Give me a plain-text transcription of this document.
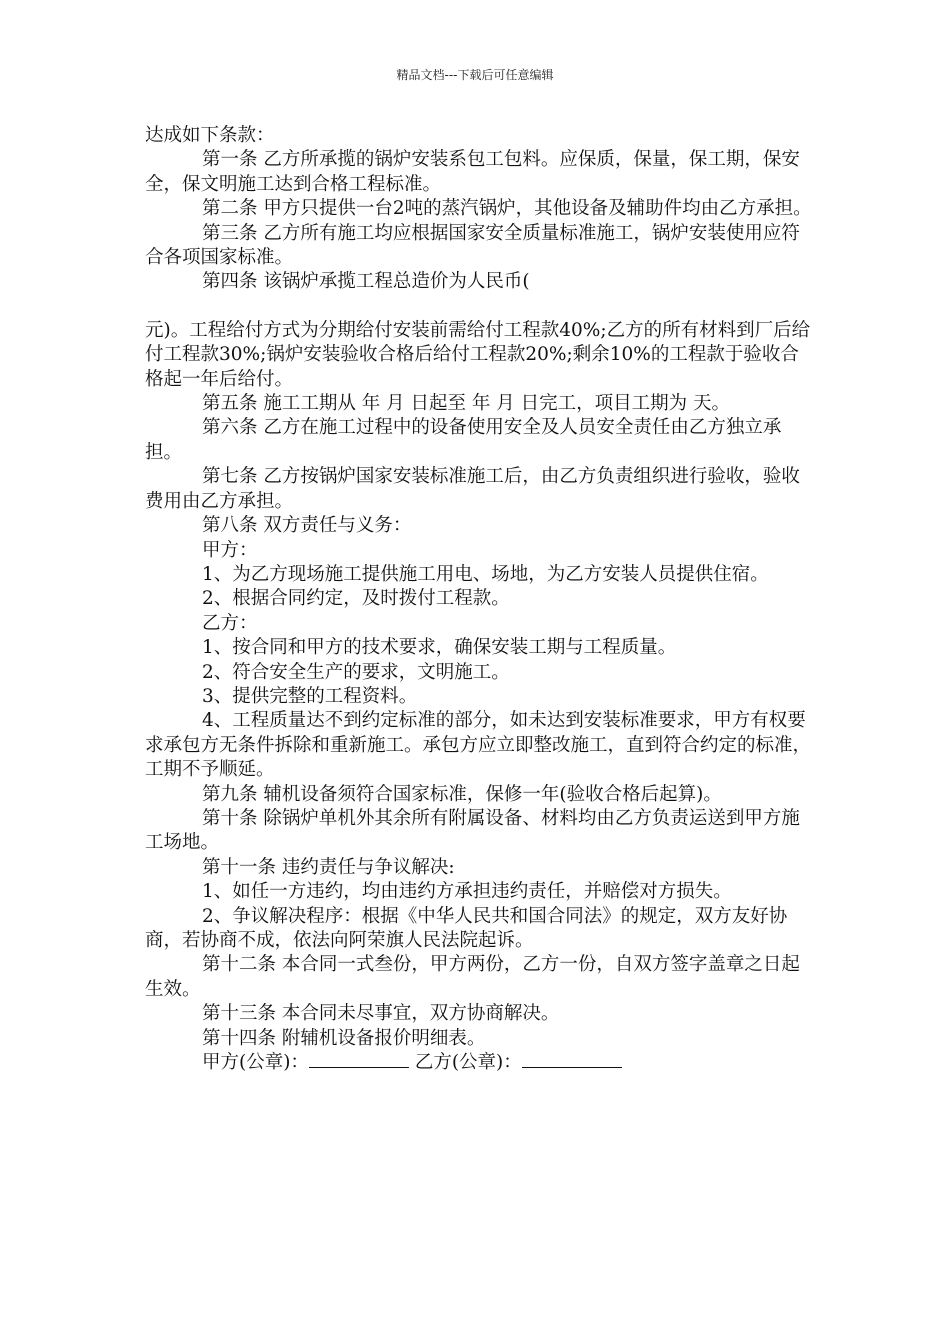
精品文档---下载后可任意编辑

达成如下条款：

第一条 乙方所承揽的锅炉安装系包工包料。应保质，保量，保工期，保安全，保文明施工达到合格工程标准。

第二条 甲方只提供一台2吨的蒸汽锅炉，其他设备及辅助件均由乙方承担。

第三条 乙方所有施工均应根据国家安全质量标准施工，锅炉安装使用应符合各项国家标准。

第四条 该锅炉承揽工程总造价为人民币(

元)。工程给付方式为分期给付安装前需给付工程款40%;乙方的所有材料到厂后给付工程款30%;锅炉安装验收合格后给付工程款20%;剩余10%的工程款于验收合格起一年后给付。

第五条 施工工期从 年 月 日起至 年 月 日完工，项目工期为 天。

第六条 乙方在施工过程中的设备使用安全及人员安全责任由乙方独立承担。

第七条 乙方按锅炉国家安装标准施工后，由乙方负责组织进行验收，验收费用由乙方承担。

第八条 双方责任与义务：

甲方：

1、为乙方现场施工提供施工用电、场地，为乙方安装人员提供住宿。

2、根据合同约定，及时拨付工程款。

乙方：

1、按合同和甲方的技术要求，确保安装工期与工程质量。

2、符合安全生产的要求，文明施工。

3、提供完整的工程资料。

4、工程质量达不到约定标准的部分，如未达到安装标准要求，甲方有权要求承包方无条件拆除和重新施工。承包方应立即整改施工，直到符合约定的标准，工期不予顺延。

第九条 辅机设备须符合国家标准，保修一年(验收合格后起算)。

第十条 除锅炉单机外其余所有附属设备、材料均由乙方负责运送到甲方施工场地。

第十一条 违约责任与争议解决:

1、如任一方违约，均由违约方承担违约责任，并赔偿对方损失。

2、争议解决程序：根据《中华人民共和国合同法》的规定，双方友好协商，若协商不成，依法向阿荣旗人民法院起诉。

第十二条 本合同一式叁份，甲方两份，乙方一份，自双方签字盖章之日起生效。

第十三条 本合同未尽事宜，双方协商解决。

第十四条 附辅机设备报价明细表。

甲方(公章)：	乙方(公章)：
